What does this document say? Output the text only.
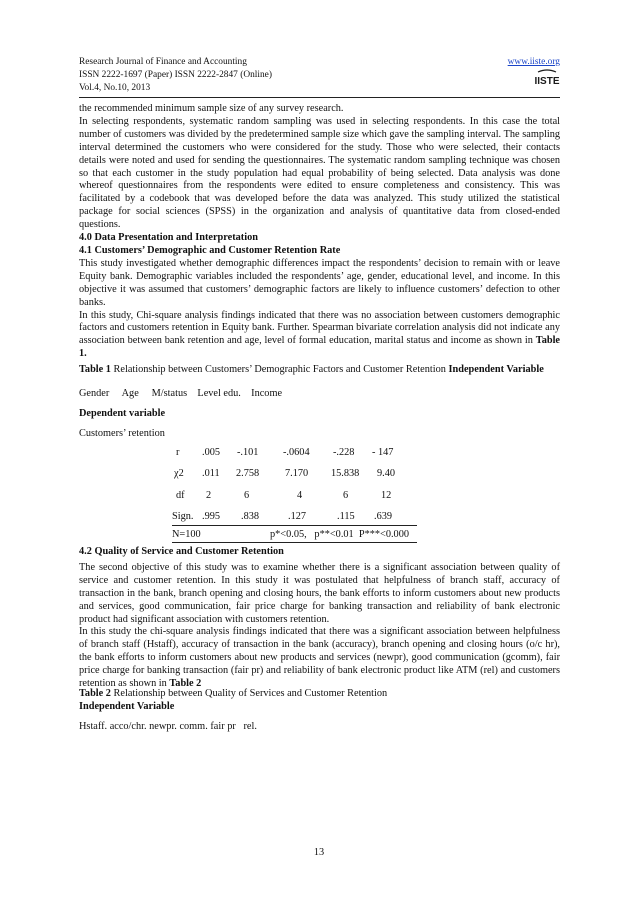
Research Journal of Finance and Accounting
ISSN 2222-1697 (Paper) ISSN 2222-2847 (Online)
Vol.4, No.10, 2013
www.iiste.org
IISTE

the recommended minimum sample size of any survey research.

In selecting respondents, systematic random sampling was used in selecting respondents. In this case the total number of customers was divided by the predetermined sample size which gave the sampling interval. The sampling interval determined the customers who were considered for the study. Those who were selected, their contacts details were noted and used for sending the questionnaires. The systematic random sampling technique was chosen so that each customer in the study population had equal probability of being selected. Data analysis was done whereof questionnaires from the respondents were edited to ensure completeness and consistency. This was facilitated by a codebook that was developed before the data was analyzed. This study utilized the statistical package for social sciences (SPSS) in the organization and analysis of quantitative data from closed-ended questions.

4.0 Data Presentation and Interpretation

4.1 Customers’ Demographic and Customer Retention Rate

This study investigated whether demographic differences impact the respondents’ decision to remain with or leave Equity bank. Demographic variables included the respondents’ age, gender, educational level, and income. In this objective it was assumed that customers’ demographic factors are likely to influence customers’ defection to other banks.

In this study, Chi-square analysis findings indicated that there was no association between customers demographic factors and customers retention in Equity bank. Further. Spearman bivariate correlation analysis did not indicate any association between bank retention and age, level of formal education, marital status and income as shown in Table 1.

Table 1 Relationship between Customers’ Demographic Factors and Customer Retention Independent Variable

Gender     Age     M/status    Level edu.    Income
Dependent variable
Customers’ retention
r .005 -.101 -.0604 -.228 - 147
χ2 .011 2.758	7.170 15.838 9.40
df 2	6	4	6	12
Sign. .995 .838	.127	.115 .639
N=100	p*<0.05,   p**<0.01  P***<0.000

4.2 Quality of Service and Customer Retention

The second objective of this study was to examine whether there is a significant association between quality of service and customer retention. In this study it was postulated that helpfulness of branch staff, accuracy of transaction in the bank, branch opening and closing hours, the bank efforts to inform customers about new products and services, good communication, fair price charge for banking transaction and reliability of bank electronic product had significant association with customers retention.

In this study the chi-square analysis findings indicated that there was a significant association between helpfulness of branch staff (Hstaff), accuracy of transaction in the bank (accuracy), branch opening and closing hours (o/c hr), the bank efforts to inform customers about new products and services (newpr), good communication (gcomm), fair price charge for banking transaction (fair pr) and reliability of bank electronic product like ATM (rel) and customers retention as shown in Table 2

Table 2 Relationship between Quality of Services and Customer Retention
Independent Variable
Hstaff. acco/chr. newpr. comm. fair pr   rel.
13
